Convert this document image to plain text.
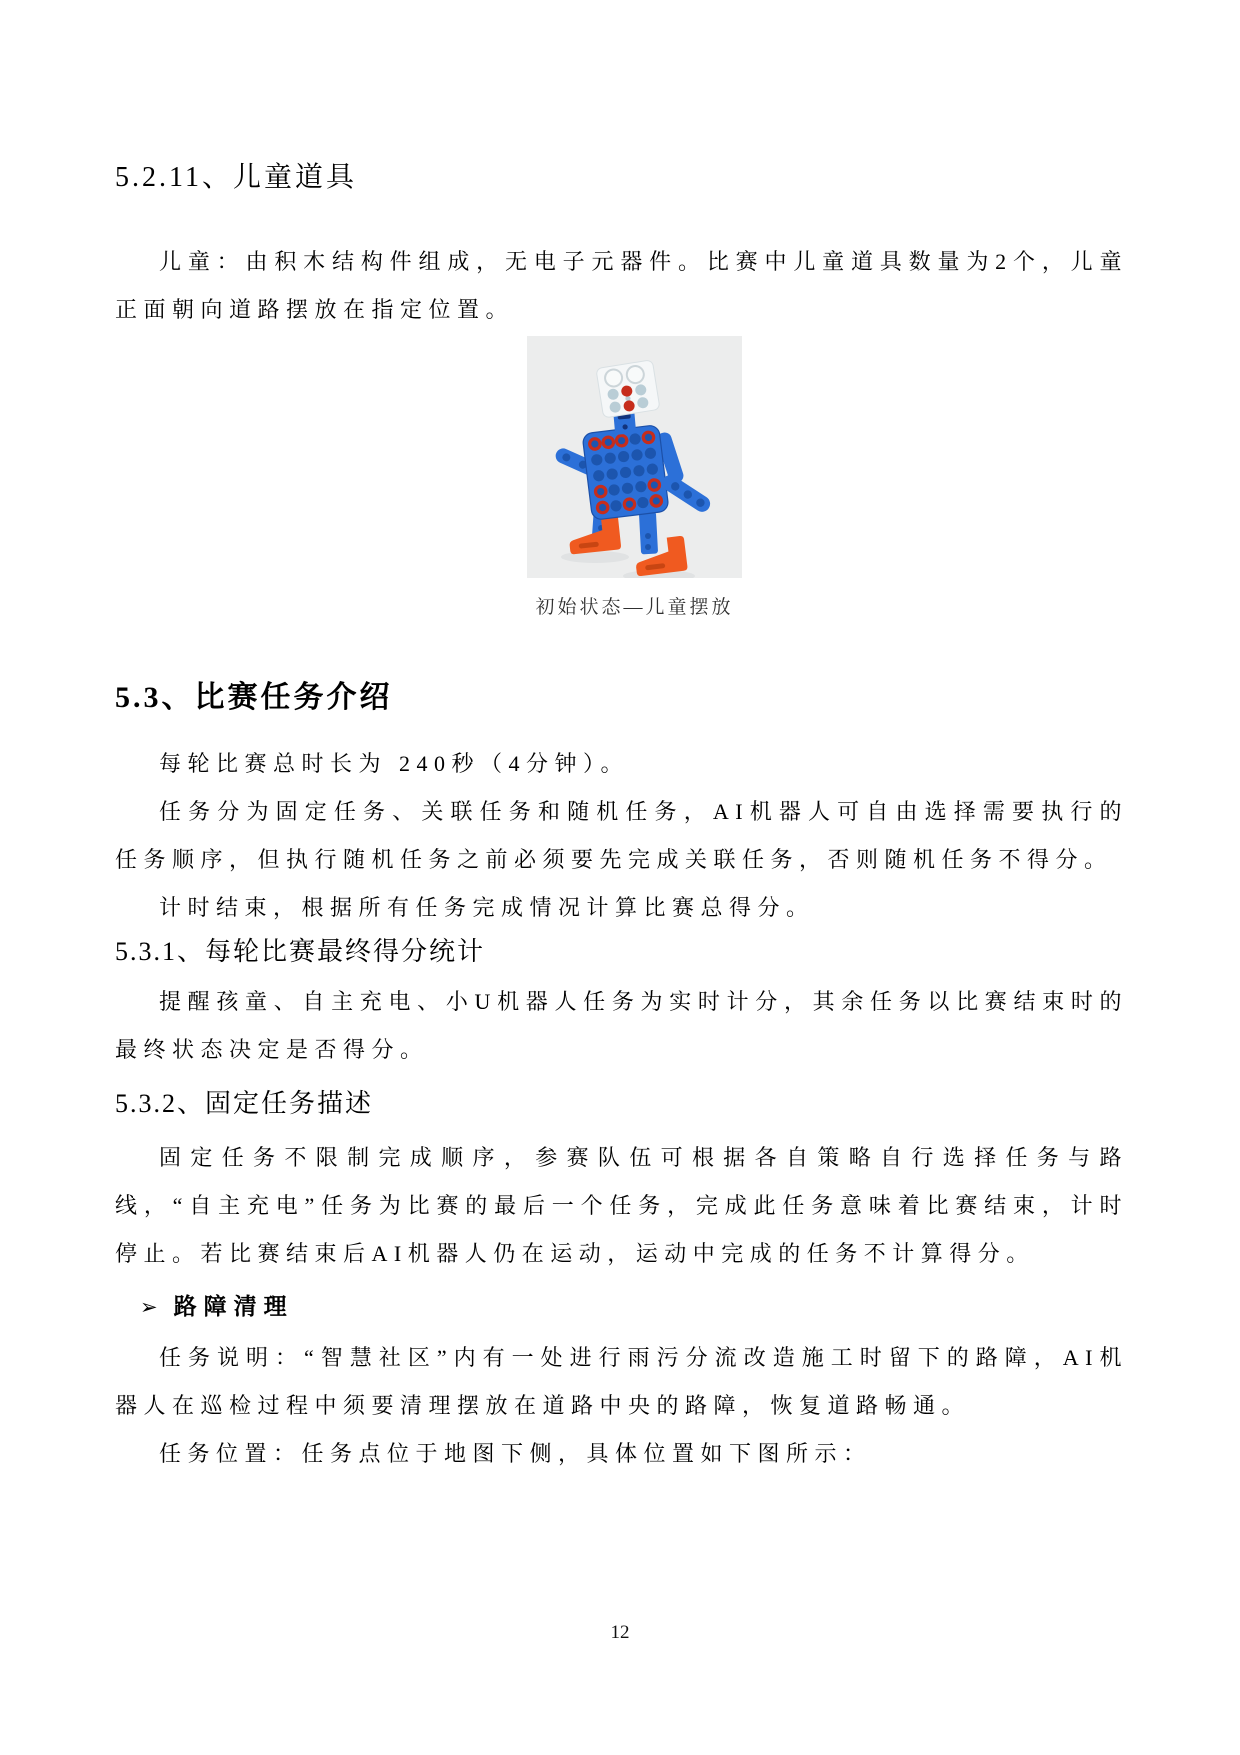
5.2.11、儿童道具

儿童：由积木结构件组成，无电子元器件。比赛中儿童道具数量为2个，儿童正面朝向道路摆放在指定位置。

初始状态—儿童摆放
5.3、比赛任务介绍

每轮比赛总时长为 240秒（4分钟）。

任务分为固定任务、关联任务和随机任务，AI机器人可自由选择需要执行的任务顺序，但执行随机任务之前必须要先完成关联任务，否则随机任务不得分。

计时结束，根据所有任务完成情况计算比赛总得分。

5.3.1、每轮比赛最终得分统计

提醒孩童、自主充电、小U机器人任务为实时计分，其余任务以比赛结束时的最终状态决定是否得分。

5.3.2、固定任务描述

固定任务不限制完成顺序，参赛队伍可根据各自策略自行选择任务与路线，“自主充电”任务为比赛的最后一个任务，完成此任务意味着比赛结束，计时停止。若比赛结束后AI机器人仍在运动，运动中完成的任务不计算得分。

➢ 路障清理

任务说明：“智慧社区”内有一处进行雨污分流改造施工时留下的路障，AI机器人在巡检过程中须要清理摆放在道路中央的路障，恢复道路畅通。

任务位置：任务点位于地图下侧，具体位置如下图所示：

12
